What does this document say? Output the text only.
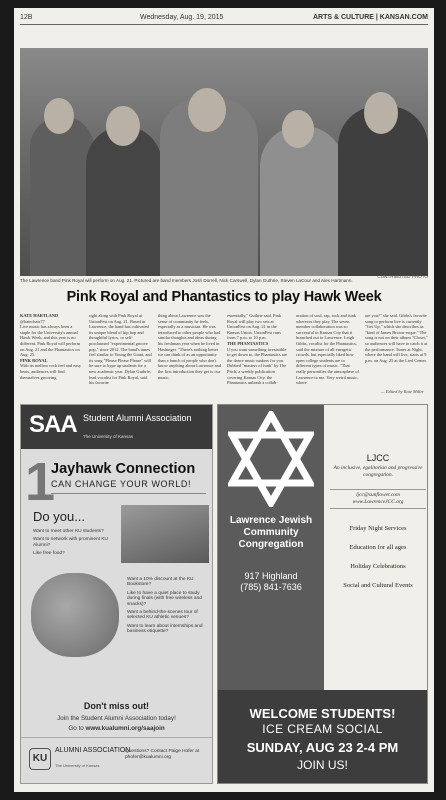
12B	Wednesday, Aug. 19, 2015	ARTS & CULTURE | KANSAN.COM
CONTRIBUTED PHOTO
The Lawrence band Pink Royal will perform on Aug. 21. Pictured are band members Josh Dorrell, Nick Carswell, Dylan Guthrie, Steven LaCour and Alex Hartmann.
Pink Royal and Phantastics to play Hawk Week
KATE HARTLAND
@katechats77

Live music has always been a staple for the University's annual Hawk Week, and this year is no different. Pink Royal will perform on Aug. 21 and the Phantastics on Aug. 25.

PINK ROYAL

With its mellow rock feel and easy beats, audiences will find themselves grooving

right along with Pink Royal at UnionFest on Aug. 21. Based in Lawrence, the band has cultivated its unique blend of hip hop and thoughtful lyrics, or self-proclaimed "experimental groove pop," since 2012. The band's tunes feel similar to Young the Giant, and its song "Please Please Please" will be sure to hype up students for a new academic year. Dylan Guthrie, lead vocalist for Pink Royal, said his favorite

thing about Lawrence was the sense of community he feels, especially as a musician. He was introduced to other people who had similar thoughts and ideas during his freshman year when he lived in Hashinger. "There's nothing better we can think of as an opportunity than a bunch of people who don't know anything about Lawrence and the first introduction they get is our music,

essentially," Guthrie said. Pink Royal will play two sets at UnionFest on Aug. 21 in the Kansas Union. UnionFest runs from 7 p.m. to 10 p.m.

THE PHANTASTICS

If you want something irresistible to get down to, the Phantastics are the dance music makers for you. Dubbed "masters of funk" by The Pitch, a weekly publication covering Kansas City, the Phantastics unleash a collab-

oration of soul, rap, rock and funk wherever they play. The seven member collaboration was so successful in Kansas City that it branched out to Lawrence. Leigh Gibbs, vocalist for the Phantastics, said the mixture of all energetic crowds, but especially liked how open college students are to different types of music. "That really personifies the atmosphere of Lawrence to me. Very weird music, where

are you?" she said. Gibbs's favorite song to perform live is currently "Get Up," which she describes as "kind of James Brown-esque." The song is not on their album "Closer," so audiences will have to catch it at the performance. Tunes at Night, where the band will live, starts at 9 p.m. on Aug. 25 at the Lied Center.

— Edited by Kate Miller
SAA Student Alumni Association
The University of Kansas
1
Jayhawk Connection
CAN CHANGE YOUR WORLD!
Do you...
Want to meet other KU students?
Want to network with prominent KU Alumni?
Like free food?
Want a 10% discount at the KU Bookstore?
Like to have a quiet place to study during finals (with free wireless and snacks)?
Want a behind-the-scenes tour of selected KU athletic venues?
Want to learn about internships and business etiquette?
Don't miss out!
Join the Student Alumni Association today!
Go to www.kualumni.org/saajoin
KU
ALUMNI ASSOCIATION
The University of Kansas
Questions? Contact Paige Hofer at phofer@kualumni.org
Lawrence Jewish Community Congregation
917 Highland
(785) 841-7636
LJCC
An inclusive, egalitarian and progressive congregation.
ljcc@sunflower.com
www.LawrenceJCC.org
Friday Night Services
Education for all ages
Holiday Celebrations
Social and Cultural Events
WELCOME STUDENTS!
ICE CREAM SOCIAL
SUNDAY, AUG 23 2-4 PM
JOIN US!
